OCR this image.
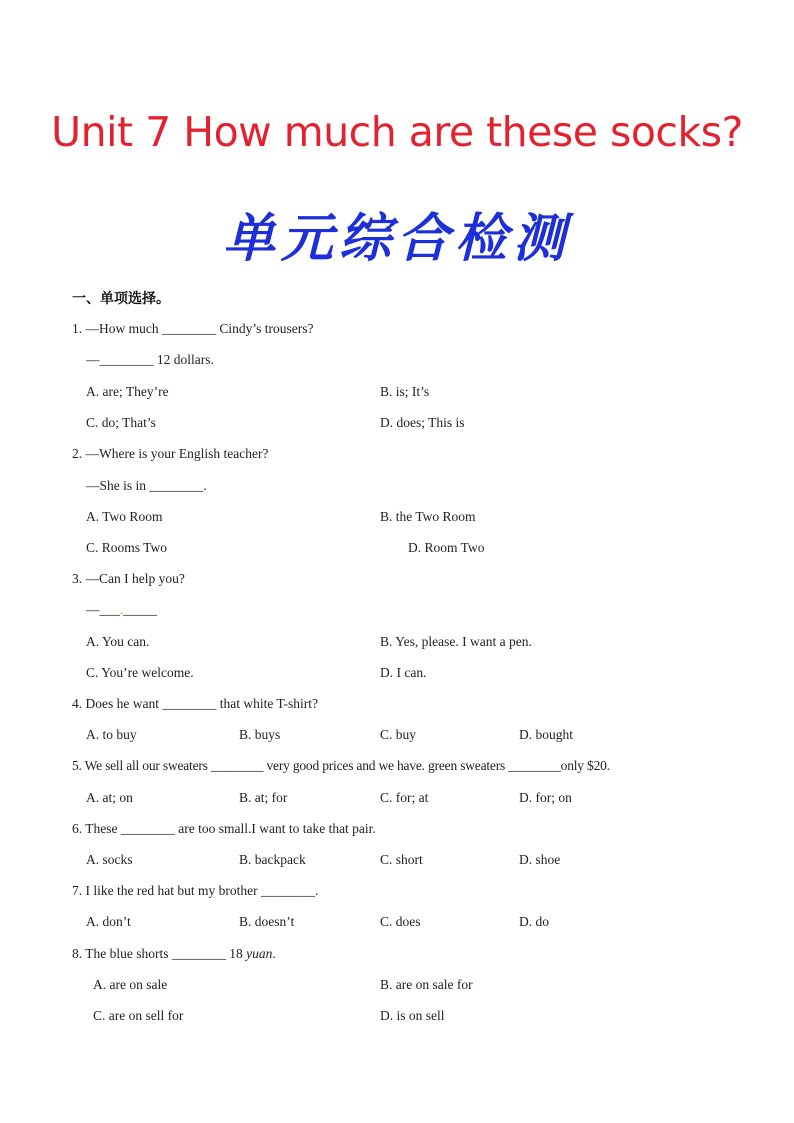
Unit 7 How much are these socks?
单元综合检测
一、单项选择。
1. —How much ________ Cindy’s trousers?
—________ 12 dollars.
A. are; They’re	B. is; It’s
C. do; That’s	D. does; This is
2. —Where is your English teacher?
—She is in ________.
A. Two Room	B. the Two Room
C. Rooms Two	D. Room Two
3. —Can I help you?
—___._____
A. You can.	B. Yes, please. I want a pen.
C. You’re welcome.	D. I can.
4. Does he want ________ that white T-shirt?
A. to buy	B. buys	C. buy	D. bought
5. We sell all our sweaters ________ very good prices and we have. green sweaters ________only $20.
A. at; on	B. at; for	C. for; at	D. for; on
6. These ________ are too small.I want to take that pair.
A. socks	B. backpack	C. short	D. shoe
7. I like the red hat but my brother ________.
A. don’t	B. doesn’t	C. does	D. do
8. The blue shorts ________ 18 yuan.
A. are on sale	B. are on sale for
C. are on sell for	D. is on sell
